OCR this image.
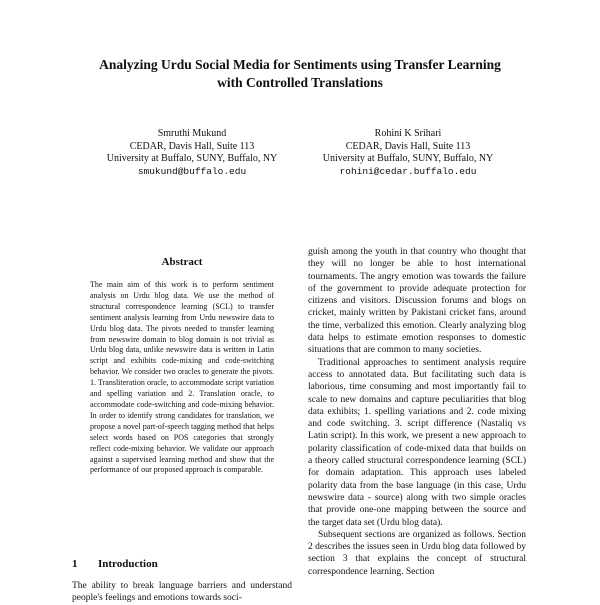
Analyzing Urdu Social Media for Sentiments using Transfer Learning
with Controlled Translations
Smruthi Mukund
CEDAR, Davis Hall, Suite 113
University at Buffalo, SUNY, Buffalo, NY
smukund@buffalo.edu
Rohini K Srihari
CEDAR, Davis Hall, Suite 113
University at Buffalo, SUNY, Buffalo, NY
rohini@cedar.buffalo.edu
Abstract
The main aim of this work is to perform sentiment analysis on Urdu blog data. We use the method of structural correspondence learning (SCL) to transfer sentiment analysis learning from Urdu newswire data to Urdu blog data. The pivots needed to transfer learning from newswire domain to blog domain is not trivial as Urdu blog data, unlike newswire data is written in Latin script and exhibits code-mixing and code-switching behavior. We consider two oracles to generate the pivots. 1. Transliteration oracle, to accommodate script variation and spelling variation and 2. Translation oracle, to accommodate code-switching and code-mixing behavior. In order to identify strong candidates for translation, we propose a novel part-of-speech tagging method that helps select words based on POS categories that strongly reflect code-mixing behavior. We validate our approach against a supervised learning method and show that the performance of our proposed approach is comparable.
1 Introduction
The ability to break language barriers and understand people's feelings and emotions towards soci-

guish among the youth in that country who thought that they will no longer be able to host international tournaments. The angry emotion was towards the failure of the government to provide adequate protection for citizens and visitors. Discussion forums and blogs on cricket, mainly written by Pakistani cricket fans, around the time, verbalized this emotion. Clearly analyzing blog data helps to estimate emotion responses to domestic situations that are common to many societies.

Traditional approaches to sentiment analysis require access to annotated data. But facilitating such data is laborious, time consuming and most importantly fail to scale to new domains and capture peculiarities that blog data exhibits; 1. spelling variations and 2. code mixing and code switching. 3. script difference (Nastaliq vs Latin script). In this work, we present a new approach to polarity classification of code-mixed data that builds on a theory called structural correspondence learning (SCL) for domain adaptation. This approach uses labeled polarity data from the base language (in this case, Urdu newswire data - source) along with two simple oracles that provide one-one mapping between the source and the target data set (Urdu blog data).

Subsequent sections are organized as follows. Section 2 describes the issues seen in Urdu blog data followed by section 3 that explains the concept of structural correspondence learning. Section
